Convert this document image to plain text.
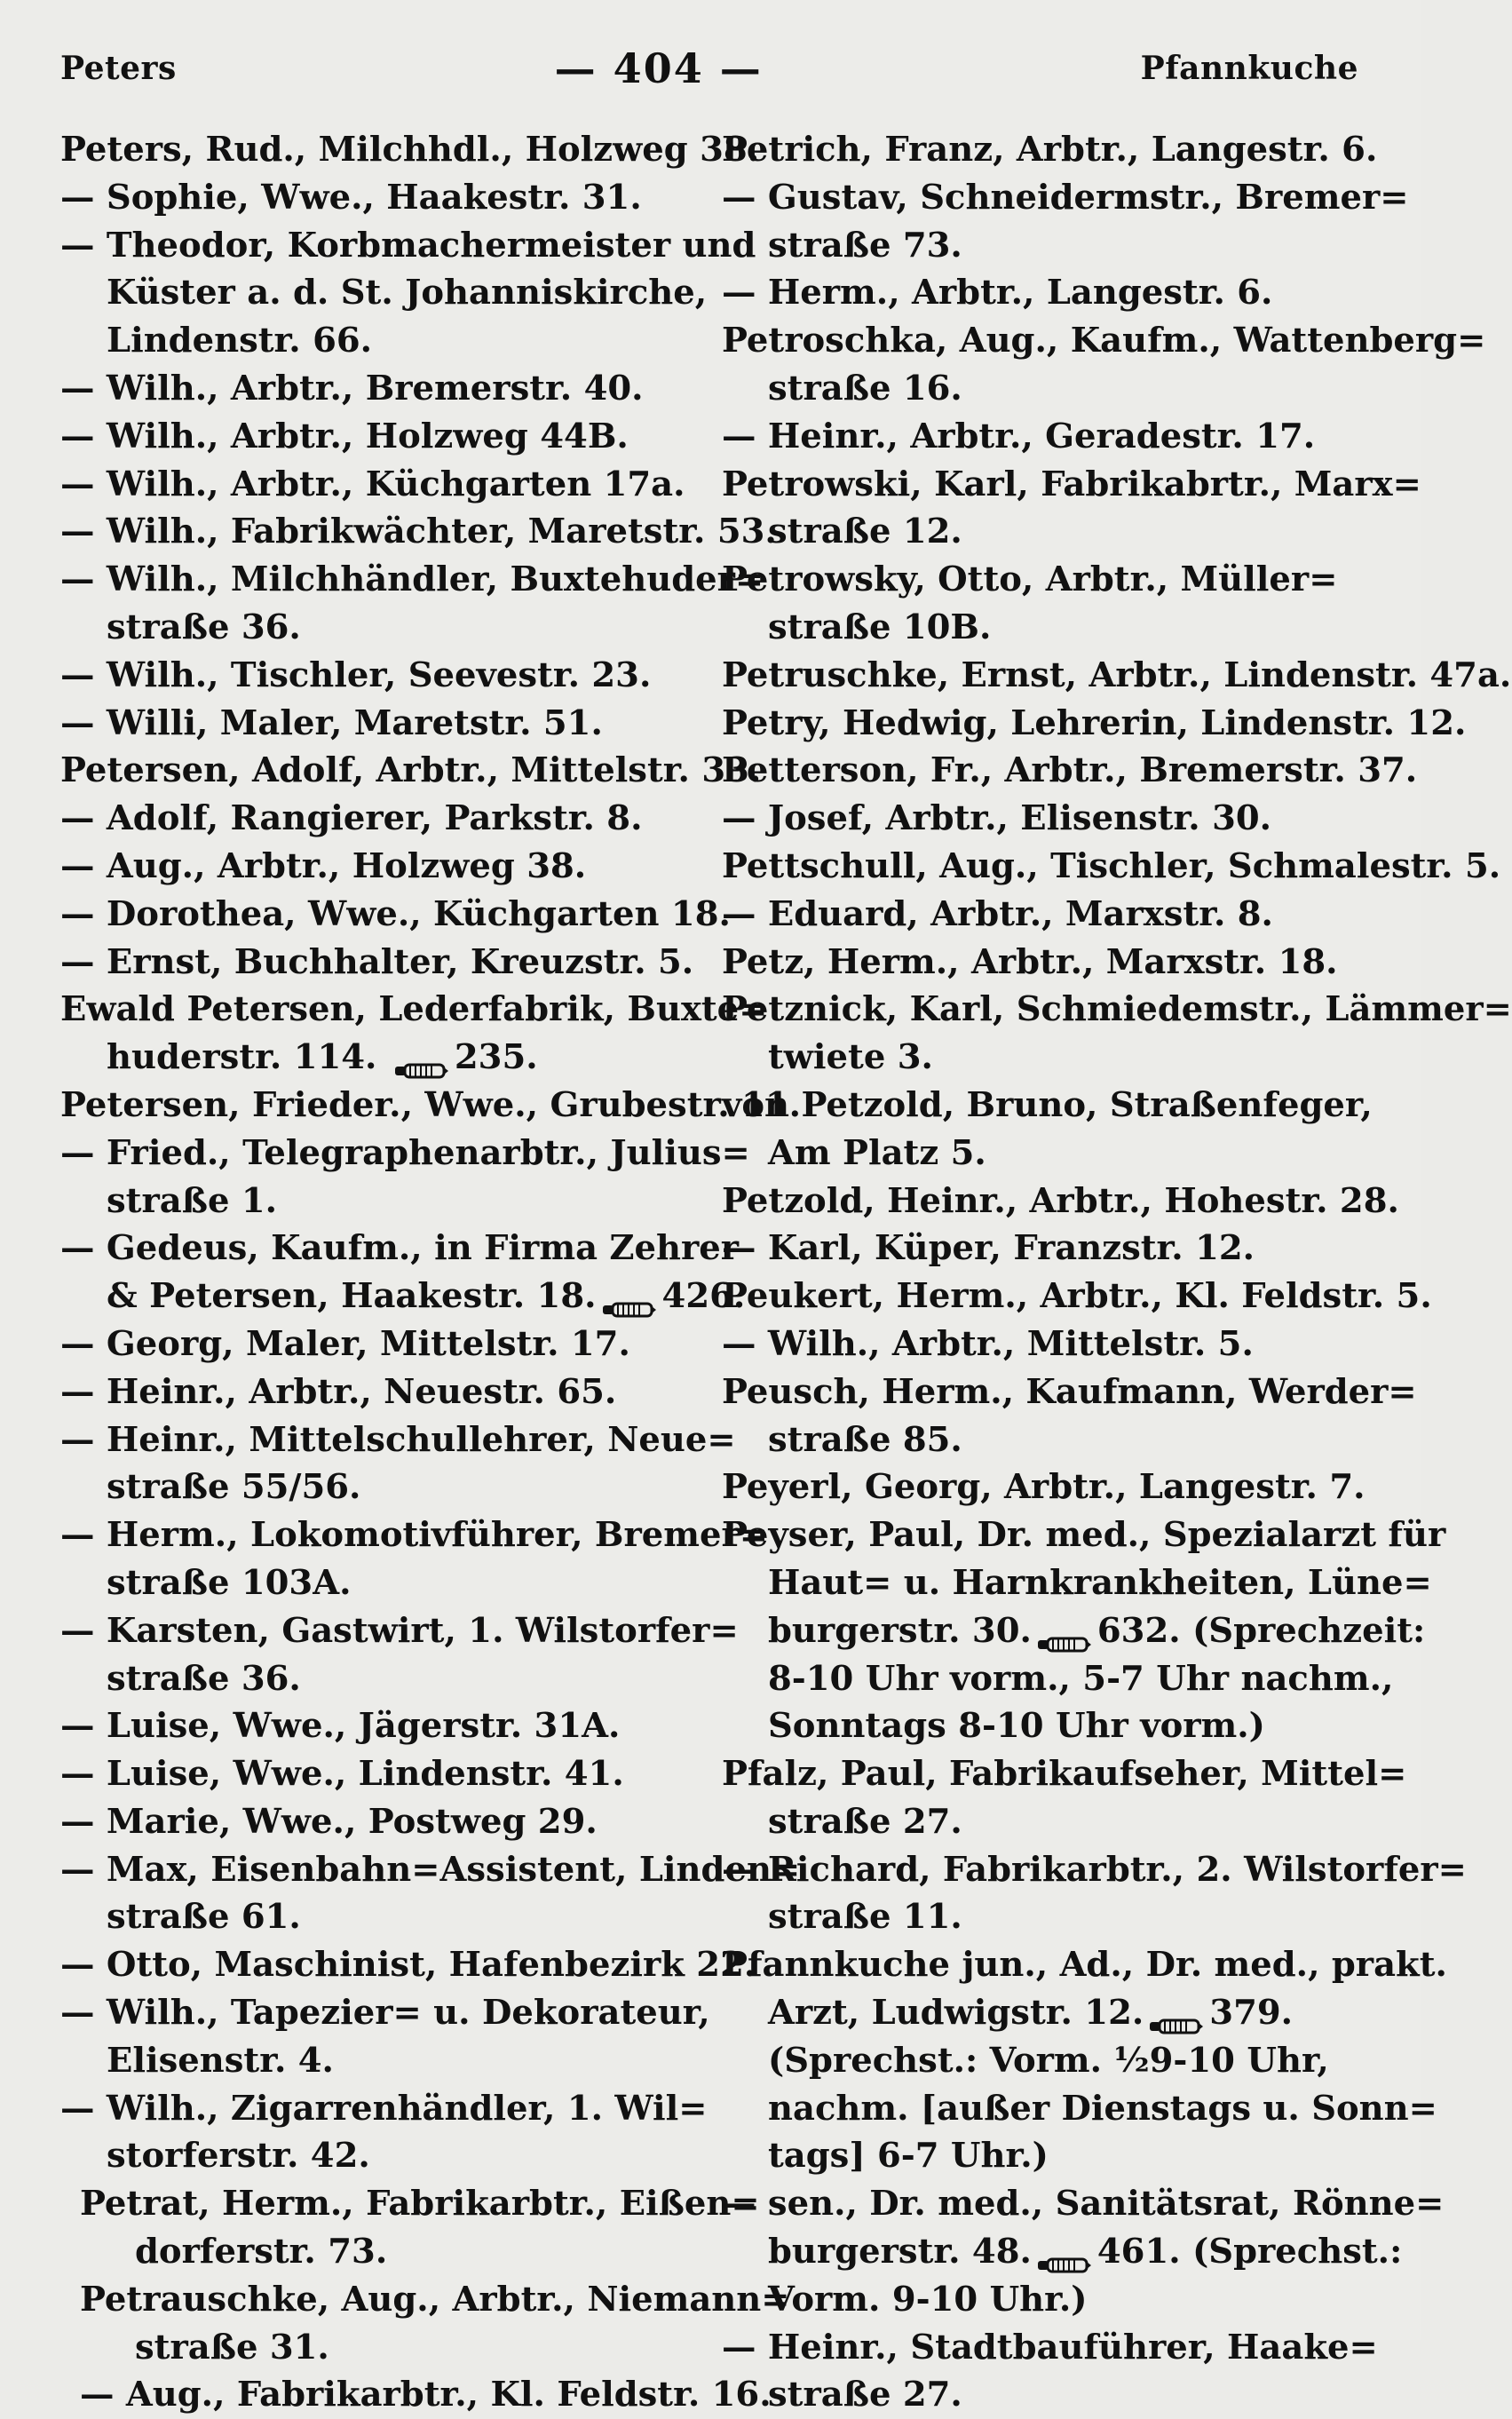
Peters	— 404 —	Pfannkuche
Peters, Rud., Milchhdl., Holzweg 38.
— Sophie, Wwe., Haakestr. 31.
— Theodor, Korbmachermeister und
Küster a. d. St. Johanniskirche,
Lindenstr. 66.
— Wilh., Arbtr., Bremerstr. 40.
— Wilh., Arbtr., Holzweg 44B.
— Wilh., Arbtr., Küchgarten 17a.
— Wilh., Fabrikwächter, Maretstr. 53.
— Wilh., Milchhändler, Buxtehuder=
straße 36.
— Wilh., Tischler, Seevestr. 23.
— Willi, Maler, Maretstr. 51.
Petersen, Adolf, Arbtr., Mittelstr. 33.
— Adolf, Rangierer, Parkstr. 8.
— Aug., Arbtr., Holzweg 38.
— Dorothea, Wwe., Küchgarten 18.
— Ernst, Buchhalter, Kreuzstr. 5.
Ewald Petersen, Lederfabrik, Buxte=
huderstr. 114. 235.
Petersen, Frieder., Wwe., Grubestr. 11.
— Fried., Telegraphenarbtr., Julius=
straße 1.
— Gedeus, Kaufm., in Firma Zehrer
& Petersen, Haakestr. 18. 426.
— Georg, Maler, Mittelstr. 17.
— Heinr., Arbtr., Neuestr. 65.
— Heinr., Mittelschullehrer, Neue=
straße 55/56.
— Herm., Lokomotivführer, Bremer=
straße 103A.
— Karsten, Gastwirt, 1. Wilstorfer=
straße 36.
— Luise, Wwe., Jägerstr. 31A.
— Luise, Wwe., Lindenstr. 41.
— Marie, Wwe., Postweg 29.
— Max, Eisenbahn=Assistent, Linden=
straße 61.
— Otto, Maschinist, Hafenbezirk 22.
— Wilh., Tapezier= u. Dekorateur,
Elisenstr. 4.
— Wilh., Zigarrenhändler, 1. Wil=
storferstr. 42.
Petrat, Herm., Fabrikarbtr., Eißen=
dorferstr. 73.
Petrauschke, Aug., Arbtr., Niemann=
straße 31.
— Aug., Fabrikarbtr., Kl. Feldstr. 16.
Petrich, Franz, Arbtr., Langestr. 6.
— Gustav, Schneidermstr., Bremer=
straße 73.
— Herm., Arbtr., Langestr. 6.
Petroschka, Aug., Kaufm., Wattenberg=
straße 16.
— Heinr., Arbtr., Geradestr. 17.
Petrowski, Karl, Fabrikabrtr., Marx=
straße 12.
Petrowsky, Otto, Arbtr., Müller=
straße 10B.
Petruschke, Ernst, Arbtr., Lindenstr. 47a.
Petry, Hedwig, Lehrerin, Lindenstr. 12.
Petterson, Fr., Arbtr., Bremerstr. 37.
— Josef, Arbtr., Elisenstr. 30.
Pettschull, Aug., Tischler, Schmalestr. 5.
— Eduard, Arbtr., Marxstr. 8.
Petz, Herm., Arbtr., Marxstr. 18.
Petznick, Karl, Schmiedemstr., Lämmer=
twiete 3.
von Petzold, Bruno, Straßenfeger,
Am Platz 5.
Petzold, Heinr., Arbtr., Hohestr. 28.
— Karl, Küper, Franzstr. 12.
Peukert, Herm., Arbtr., Kl. Feldstr. 5.
— Wilh., Arbtr., Mittelstr. 5.
Peusch, Herm., Kaufmann, Werder=
straße 85.
Peyerl, Georg, Arbtr., Langestr. 7.
Peyser, Paul, Dr. med., Spezialarzt für
Haut= u. Harnkrankheiten, Lüne=
burgerstr. 30. 632. (Sprechzeit:
8-10 Uhr vorm., 5-7 Uhr nachm.,
Sonntags 8-10 Uhr vorm.)
Pfalz, Paul, Fabrikaufseher, Mittel=
straße 27.
— Richard, Fabrikarbtr., 2. Wilstorfer=
straße 11.
Pfannkuche jun., Ad., Dr. med., prakt.
Arzt, Ludwigstr. 12. 379.
(Sprechst.: Vorm. ½9-10 Uhr,
nachm. [außer Dienstags u. Sonn=
tags] 6-7 Uhr.)
— sen., Dr. med., Sanitätsrat, Rönne=
burgerstr. 48. 461. (Sprechst.:
Vorm. 9-10 Uhr.)
— Heinr., Stadtbauführer, Haake=
straße 27.
